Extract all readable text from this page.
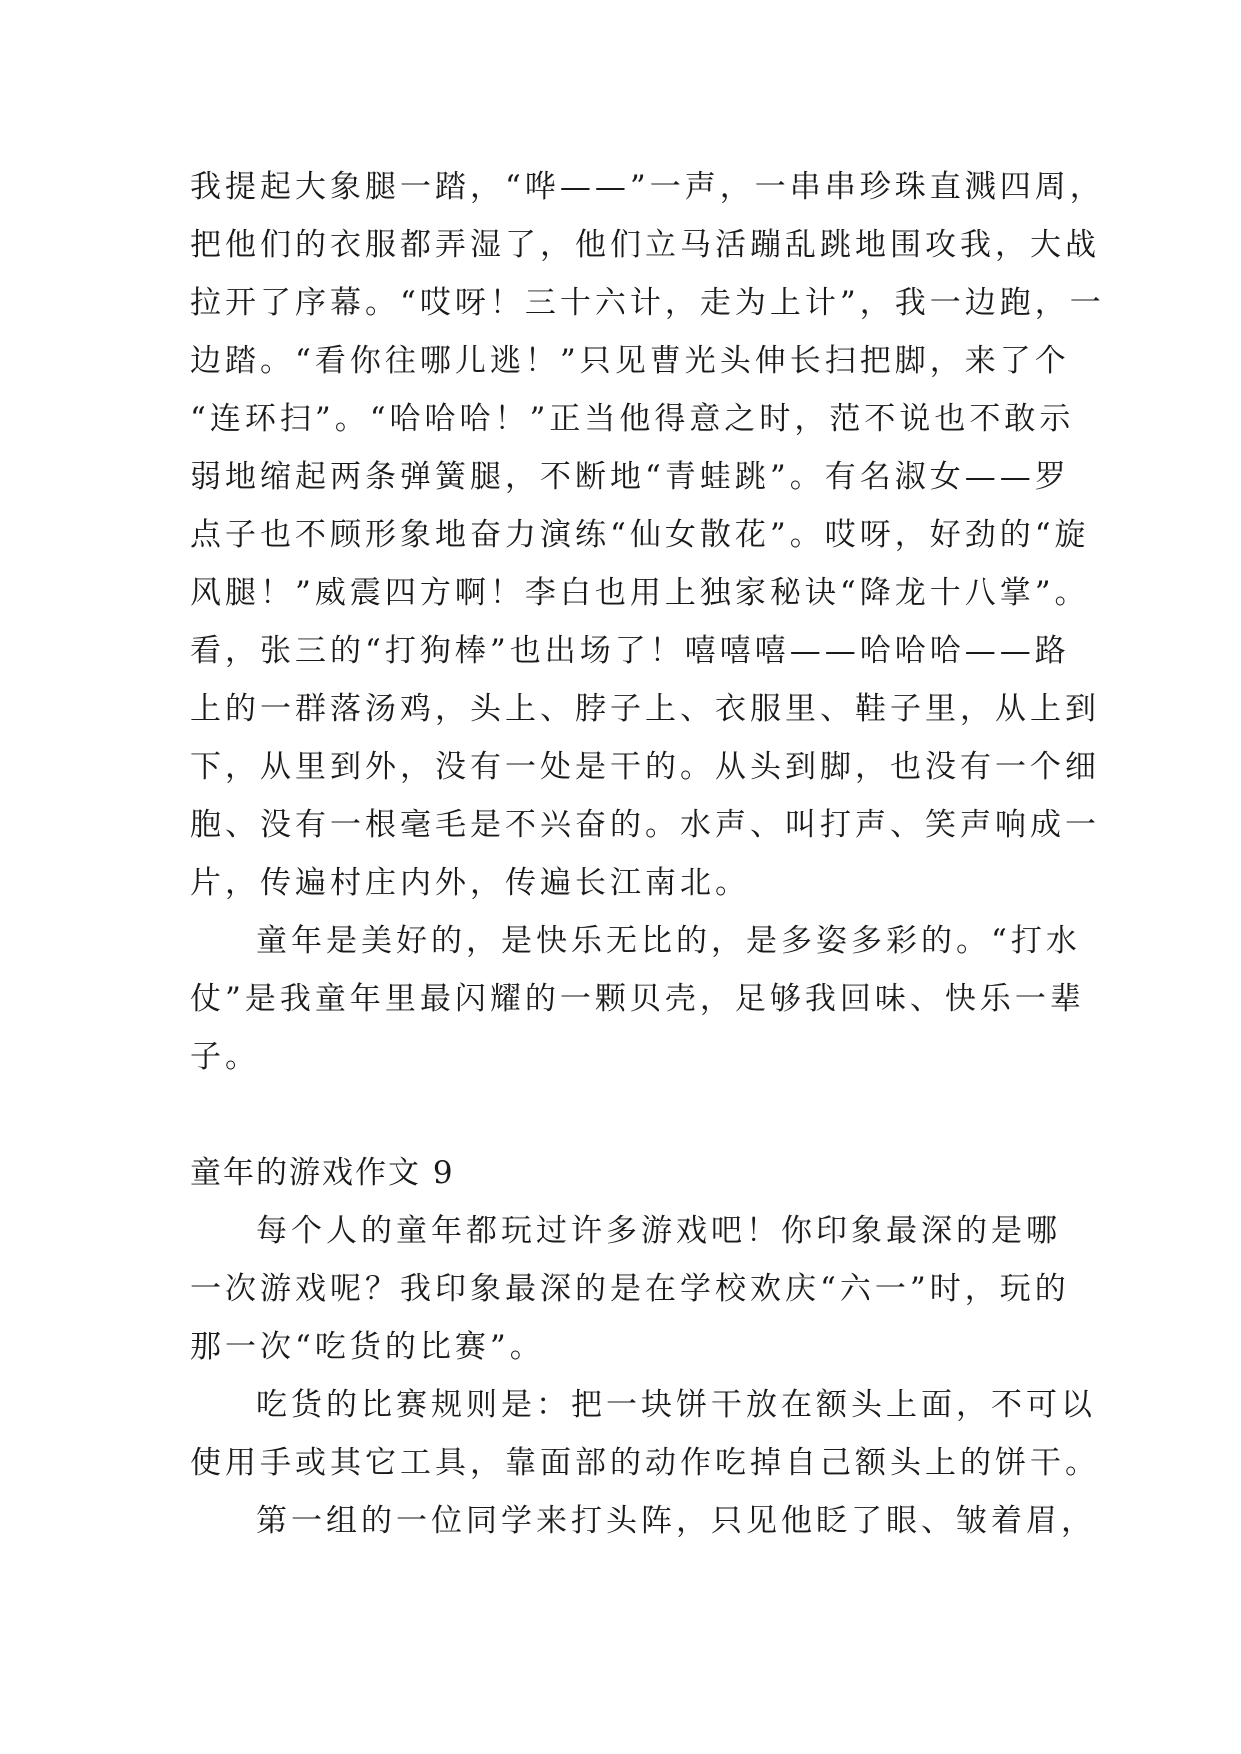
我提起大象腿一踏，“哗——”一声，一串串珍珠直溅四周，
把他们的衣服都弄湿了，他们立马活蹦乱跳地围攻我，大战
拉开了序幕。“哎呀！三十六计，走为上计”，我一边跑，一
边踏。“看你往哪儿逃！”只见曹光头伸长扫把脚，来了个
“连环扫”。“哈哈哈！”正当他得意之时，范不说也不敢示
弱地缩起两条弹簧腿，不断地“青蛙跳”。有名淑女——罗
点子也不顾形象地奋力演练“仙女散花”。哎呀，好劲的“旋
风腿！”威震四方啊！李白也用上独家秘诀“降龙十八掌”。
看，张三的“打狗棒”也出场了！嘻嘻嘻——哈哈哈——路
上的一群落汤鸡，头上、脖子上、衣服里、鞋子里，从上到
下，从里到外，没有一处是干的。从头到脚，也没有一个细
胞、没有一根毫毛是不兴奋的。水声、叫打声、笑声响成一
片，传遍村庄内外，传遍长江南北。
童年是美好的，是快乐无比的，是多姿多彩的。“打水
仗”是我童年里最闪耀的一颗贝壳，足够我回味、快乐一辈
子。
童年的游戏作文 9
每个人的童年都玩过许多游戏吧！你印象最深的是哪
一次游戏呢？我印象最深的是在学校欢庆“六一”时，玩的
那一次“吃货的比赛”。
吃货的比赛规则是：把一块饼干放在额头上面，不可以
使用手或其它工具，靠面部的动作吃掉自己额头上的饼干。
第一组的一位同学来打头阵，只见他眨了眼、皱着眉，
